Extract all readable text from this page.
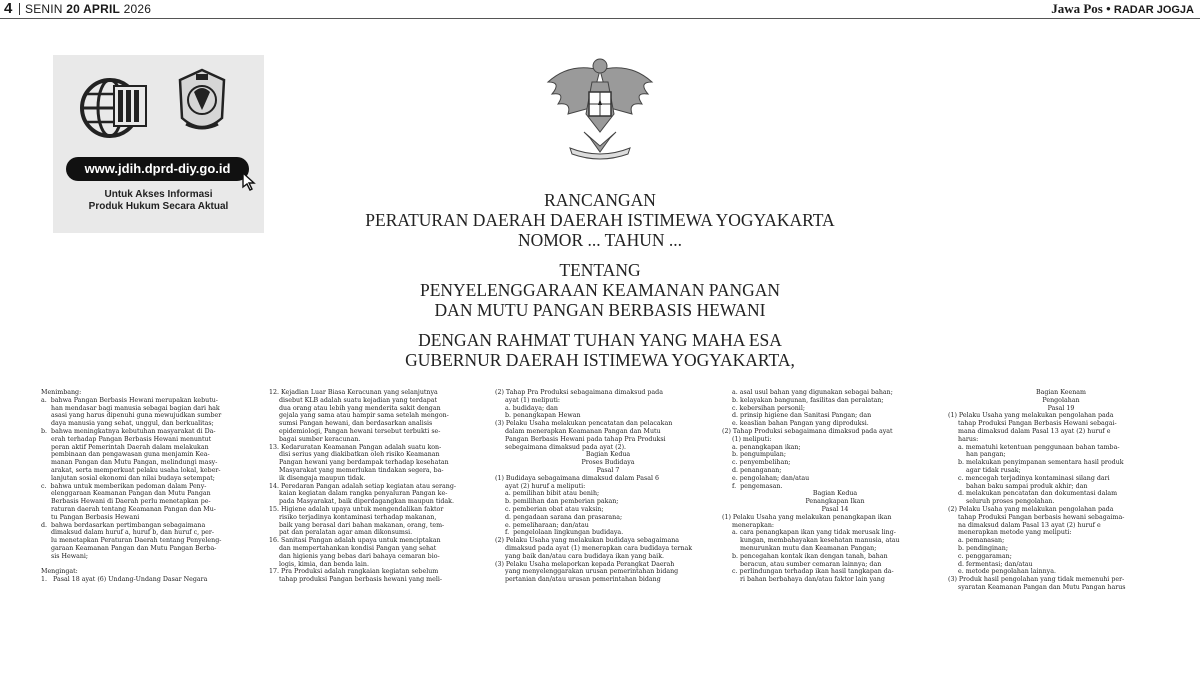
4 SENIN 20 APRIL 2026	Jawa Pos • RADAR JOGJA
www.jdih.dprd-diy.go.id
Untuk Akses Informasi
Produk Hukum Secara Aktual	RANCANGAN
PERATURAN DAERAH DAERAH ISTIMEWA YOGYAKARTA
NOMOR ... TAHUN ...
TENTANG
PENYELENGGARAAN KEAMANAN PANGAN
DAN MUTU PANGAN BERBASIS HEWANI
DENGAN RAHMAT TUHAN YANG MAHA ESA
GUBERNUR DAERAH ISTIMEWA YOGYAKARTA,
Menimbang:
a.  bahwa Pangan Berbasis Hewani merupakan kebutu-
han mendasar bagi manusia sebagai bagian dari hak
asasi yang harus dipenuhi guna mewujudkan sumber
daya manusia yang sehat, unggul, dan berkualitas;
b.  bahwa meningkatnya kebutuhan masyarakat di Da-
erah terhadap Pangan Berbasis Hewani menuntut
peran aktif Pemerintah Daerah dalam melakukan
pembinaan dan pengawasan guna menjamin Kea-
manan Pangan dan Mutu Pangan, melindungi masy-
arakat, serta memperkuat pelaku usaha lokal, keber-
lanjutan sosial ekonomi dan nilai budaya setempat;
c.  bahwa untuk memberikan pedoman dalam Peny-
elenggaraan Keamanan Pangan dan Mutu Pangan
Berbasis Hewani di Daerah perlu menetapkan pe-
raturan daerah tentang Keamanan Pangan dan Mu-
tu Pangan Berbasis Hewani
d.  bahwa berdasarkan pertimbangan sebagaimana
dimaksud dalam huruf a, huruf b, dan huruf c, per-
lu menetapkan Peraturan Daerah tentang Penyeleng-
garaan Keamanan Pangan dan Mutu Pangan Berba-
sis Hewani;

Mengingat:
1.   Pasal 18 ayat (6) Undang-Undang Dasar Negara
12. Kejadian Luar Biasa Keracunan yang selanjutnya
disebut KLB adalah suatu kejadian yang terdapat
dua orang atau lebih yang menderita sakit dengan
gejala yang sama atau hampir sama setelah mengon-
sumsi Pangan hewani, dan berdasarkan analisis
epidemiologi, Pangan hewani tersebut terbukti se-
bagai sumber keracunan.
13. Kedaruratan Keamanan Pangan adalah suatu kon-
disi serius yang diakibatkan oleh risiko Keamanan
Pangan hewani yang berdampak terhadap kesehatan
Masyarakat yang memerlukan tindakan segera, ba-
ik disengaja maupun tidak.
14. Peredaran Pangan adalah setiap kegiatan atau serang-
kaian kegiatan dalam rangka penyaluran Pangan ke-
pada Masyarakat, baik diperdagangkan maupun tidak.
15. Higiene adalah upaya untuk mengendalikan faktor
risiko terjadinya kontaminasi terhadap makanan,
baik yang berasal dari bahan makanan, orang, tem-
pat dan peralatan agar aman dikonsumsi.
16. Sanitasi Pangan adalah upaya untuk menciptakan
dan mempertahankan kondisi Pangan yang sehat
dan higienis yang bebas dari bahaya cemaran bio-
logis, kimia, dan benda lain.
17. Pra Produksi adalah rangkaian kegiatan sebelum
tahap produksi Pangan berbasis hewani yang meli-
(2) Tahap Pra Produksi sebagaimana dimaksud pada
ayat (1) meliputi:
a. budidaya; dan
b. penangkapan Hewan
(3) Pelaku Usaha melakukan pencatatan dan pelacakan
dalam menerapkan Keamanan Pangan dan Mutu
Pangan Berbasis Hewani pada tahap Pra Produksi
sebegaimana dimaksud pada ayat (2).
Bagian Kedua
Proses Budidaya
Pasal 7
(1) Budidaya sebagaimana dimaksud dalam Pasal 6
ayat (2) huruf a meliputi:
a. pemilihan bibit atau benih;
b. pemilihan dan pemberian pakan;
c. pemberian obat atau vaksin;
d. pengadaan sarana dan prasarana;
e. pemeliharaan; dan/atau
f.  pengelolaan lingkungan budidaya.
(2) Pelaku Usaha yang melakukan budidaya sebagaimana
dimaksud pada ayat (1) menerapkan cara budidaya ternak
yang baik dan/atau cara budidaya ikan yang baik.
(3) Pelaku Usaha melaporkan kepada Perangkat Daerah
yang menyelenggarakan urusan pemerintahan bidang
pertanian dan/atau urusan pemerintahan bidang
a. asal usul bahan yang digunakan sebagai bahan;
b. kelayakan bangunan, fasilitas dan peralatan;
c. kebersihan personil;
d. prinsip higiene dan Sanitasi Pangan; dan
e. keaslian bahan Pangan yang diproduksi.
(2) Tahap Produksi sebagaimana dimaksud pada ayat
(1) meliputi:
a. penangkapan ikan;
b. pengumpulan;
c. penyembelihan;
d. penanganan;
e. pengolahan; dan/atau
f.  pengemasan.
Bagian Kedua
Penangkapan Ikan
Pasal 14
(1) Pelaku Usaha yang melakukan penangkapan ikan
menerapkan:
a. cara penangkapan ikan yang tidak merusak ling-
kungan, membahayakan kesehatan manusia, atau
menurunkan mutu dan Keamanan Pangan;
b. pencegahan kontak ikan dengan tanah, bahan
beracun, atau sumber cemaran lainnya; dan
c. perlindungan terhadap ikan hasil tangkapan da-
ri bahan berbahaya dan/atau faktor lain yang
Bagian Keenam
Pengolahan
Pasal 19
(1) Pelaku Usaha yang melakukan pengolahan pada
tahap Produksi Pangan Berbasis Hewani sebagai-
mana dimaksud dalam Pasal 13 ayat (2) huruf e
harus:
a. mematuhi ketentuan penggunaan bahan tamba-
han pangan;
b. melakukan penyimpanan sementara hasil produk
agar tidak rusak;
c. mencegah terjadinya kontaminasi silang dari
bahan baku sampai produk akhir; dan
d. melakukan pencatatan dan dokumentasi dalam
seluruh proses pengolahan.
(2) Pelaku Usaha yang melakukan pengolahan pada
tahap Produksi Pangan berbasis hewani sebagaima-
na dimaksud dalam Pasal 13 ayat (2) huruf e
menerapkan metode yang meliputi:
a. pemanasan;
b. pendinginan;
c. penggaraman;
d. fermentasi; dan/atau
e. metode pengolahan lainnya.
(3) Produk hasil pengolahan yang tidak memenuhi per-
syaratan Keamanan Pangan dan Mutu Pangan harus
